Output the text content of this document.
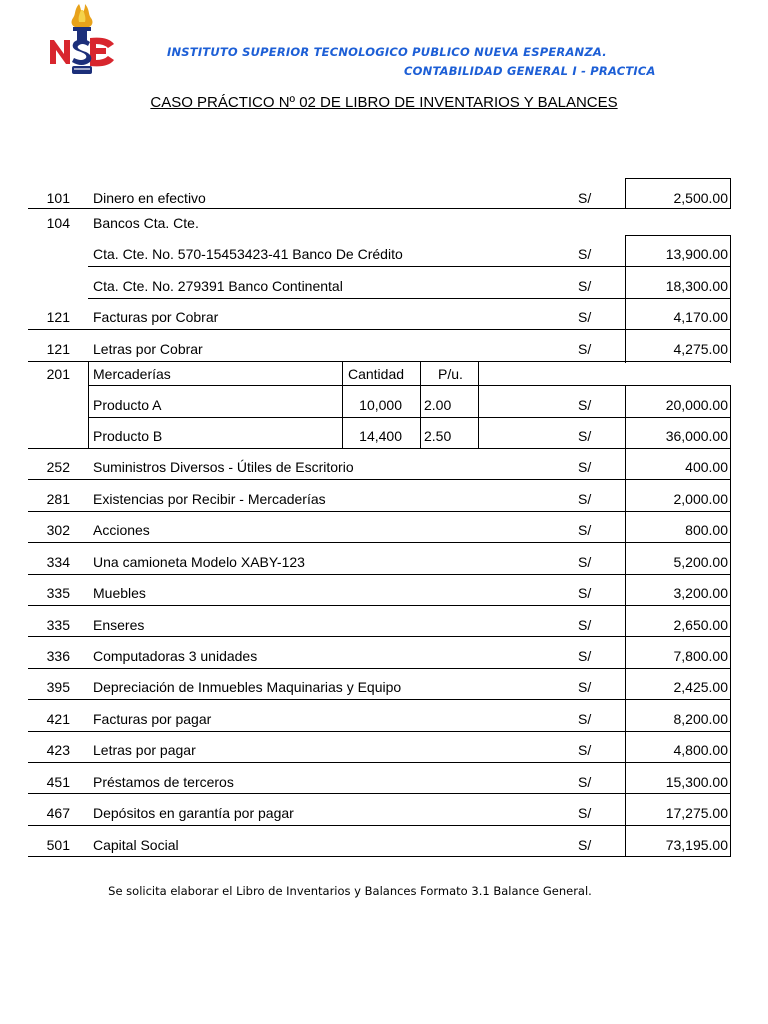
INSTITUTO SUPERIOR TECNOLOGICO PUBLICO NUEVA ESPERANZA.
CONTABILIDAD GENERAL I - PRACTICA
CASO PRÁCTICO Nº 02 DE LIBRO DE INVENTARIOS Y BALANCES
101 Dinero en efectivo	S/	2,500.00
104 Bancos Cta. Cte.
Cta. Cte. No. 570-15453423-41 Banco De Crédito	S/	13,900.00
Cta. Cte. No. 279391 Banco Continental	S/	18,300.00
121 Facturas por Cobrar	S/	4,170.00
121 Letras por Cobrar	S/	4,275.00
201 Mercaderías	Cantidad P/u.
Producto A	10,000 2.00	S/	20,000.00
Producto B	14,400 2.50	S/	36,000.00
252 Suministros Diversos - Útiles de Escritorio	S/	400.00
281 Existencias por Recibir - Mercaderías	S/	2,000.00
302 Acciones	S/	800.00
334 Una camioneta Modelo XABY-123	S/	5,200.00
335 Muebles	S/	3,200.00
335 Enseres	S/	2,650.00
336 Computadoras 3 unidades	S/	7,800.00
395 Depreciación de Inmuebles Maquinarias y Equipo	S/	2,425.00
421 Facturas por pagar	S/	8,200.00
423 Letras por pagar	S/	4,800.00
451 Préstamos de terceros	S/	15,300.00
467 Depósitos en garantía por pagar	S/	17,275.00
501 Capital Social	S/	73,195.00
Se solicita elaborar el Libro de Inventarios y Balances Formato 3.1 Balance General.
